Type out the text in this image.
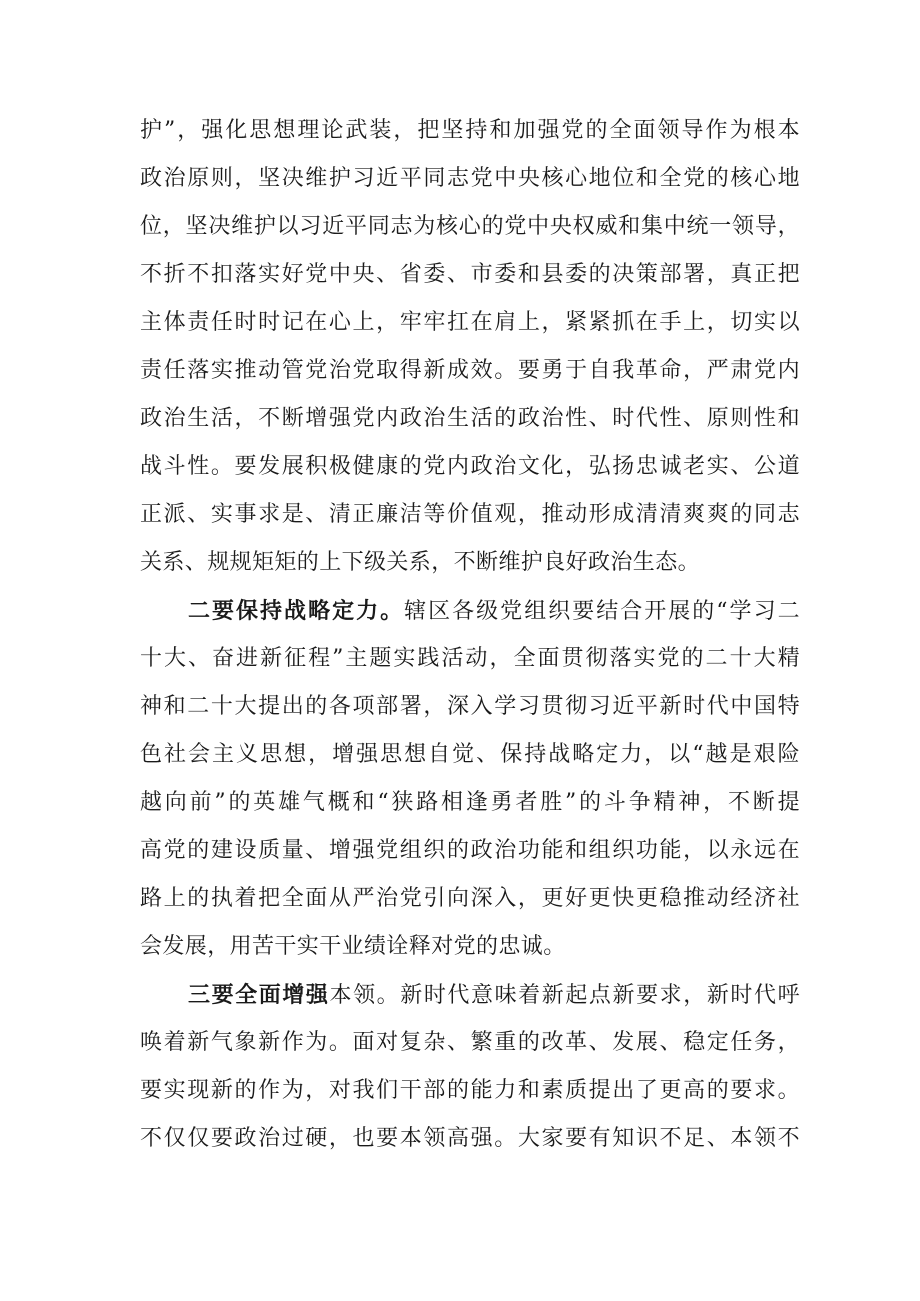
护”，强化思想理论武装，把坚持和加强党的全面领导作为根本
政治原则，坚决维护习近平同志党中央核心地位和全党的核心地
位，坚决维护以习近平同志为核心的党中央权威和集中统一领导，
不折不扣落实好党中央、省委、市委和县委的决策部署，真正把
主体责任时时记在心上，牢牢扛在肩上，紧紧抓在手上，切实以
责任落实推动管党治党取得新成效。要勇于自我革命，严肃党内
政治生活，不断增强党内政治生活的政治性、时代性、原则性和
战斗性。要发展积极健康的党内政治文化，弘扬忠诚老实、公道
正派、实事求是、清正廉洁等价值观，推动形成清清爽爽的同志
关系、规规矩矩的上下级关系，不断维护良好政治生态。
二要保持战略定力。辖区各级党组织要结合开展的“学习二
十大、奋进新征程”主题实践活动，全面贯彻落实党的二十大精
神和二十大提出的各项部署，深入学习贯彻习近平新时代中国特
色社会主义思想，增强思想自觉、保持战略定力，以“越是艰险
越向前”的英雄气概和“狭路相逢勇者胜”的斗争精神，不断提
高党的建设质量、增强党组织的政治功能和组织功能，以永远在
路上的执着把全面从严治党引向深入，更好更快更稳推动经济社
会发展，用苦干实干业绩诠释对党的忠诚。
三要全面增强本领。新时代意味着新起点新要求，新时代呼
唤着新气象新作为。面对复杂、繁重的改革、发展、稳定任务，
要实现新的作为，对我们干部的能力和素质提出了更高的要求。
不仅仅要政治过硬，也要本领高强。大家要有知识不足、本领不
